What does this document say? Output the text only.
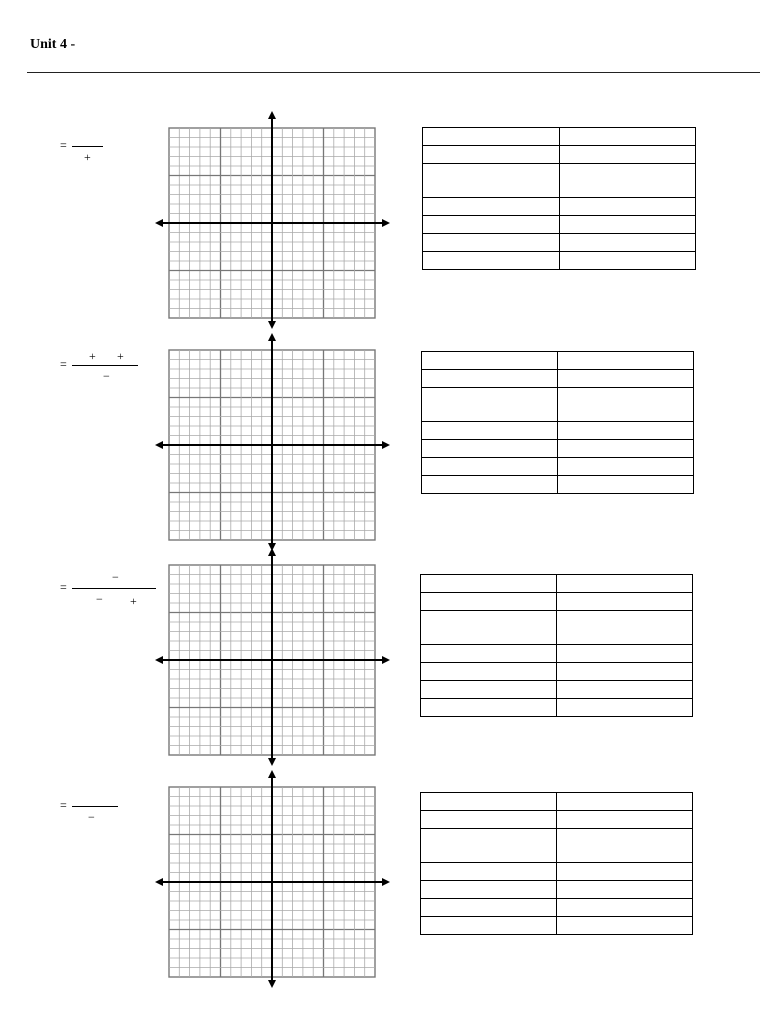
Unit 4 -
=
+

=
+ +
−

=
−
− +

=
−
